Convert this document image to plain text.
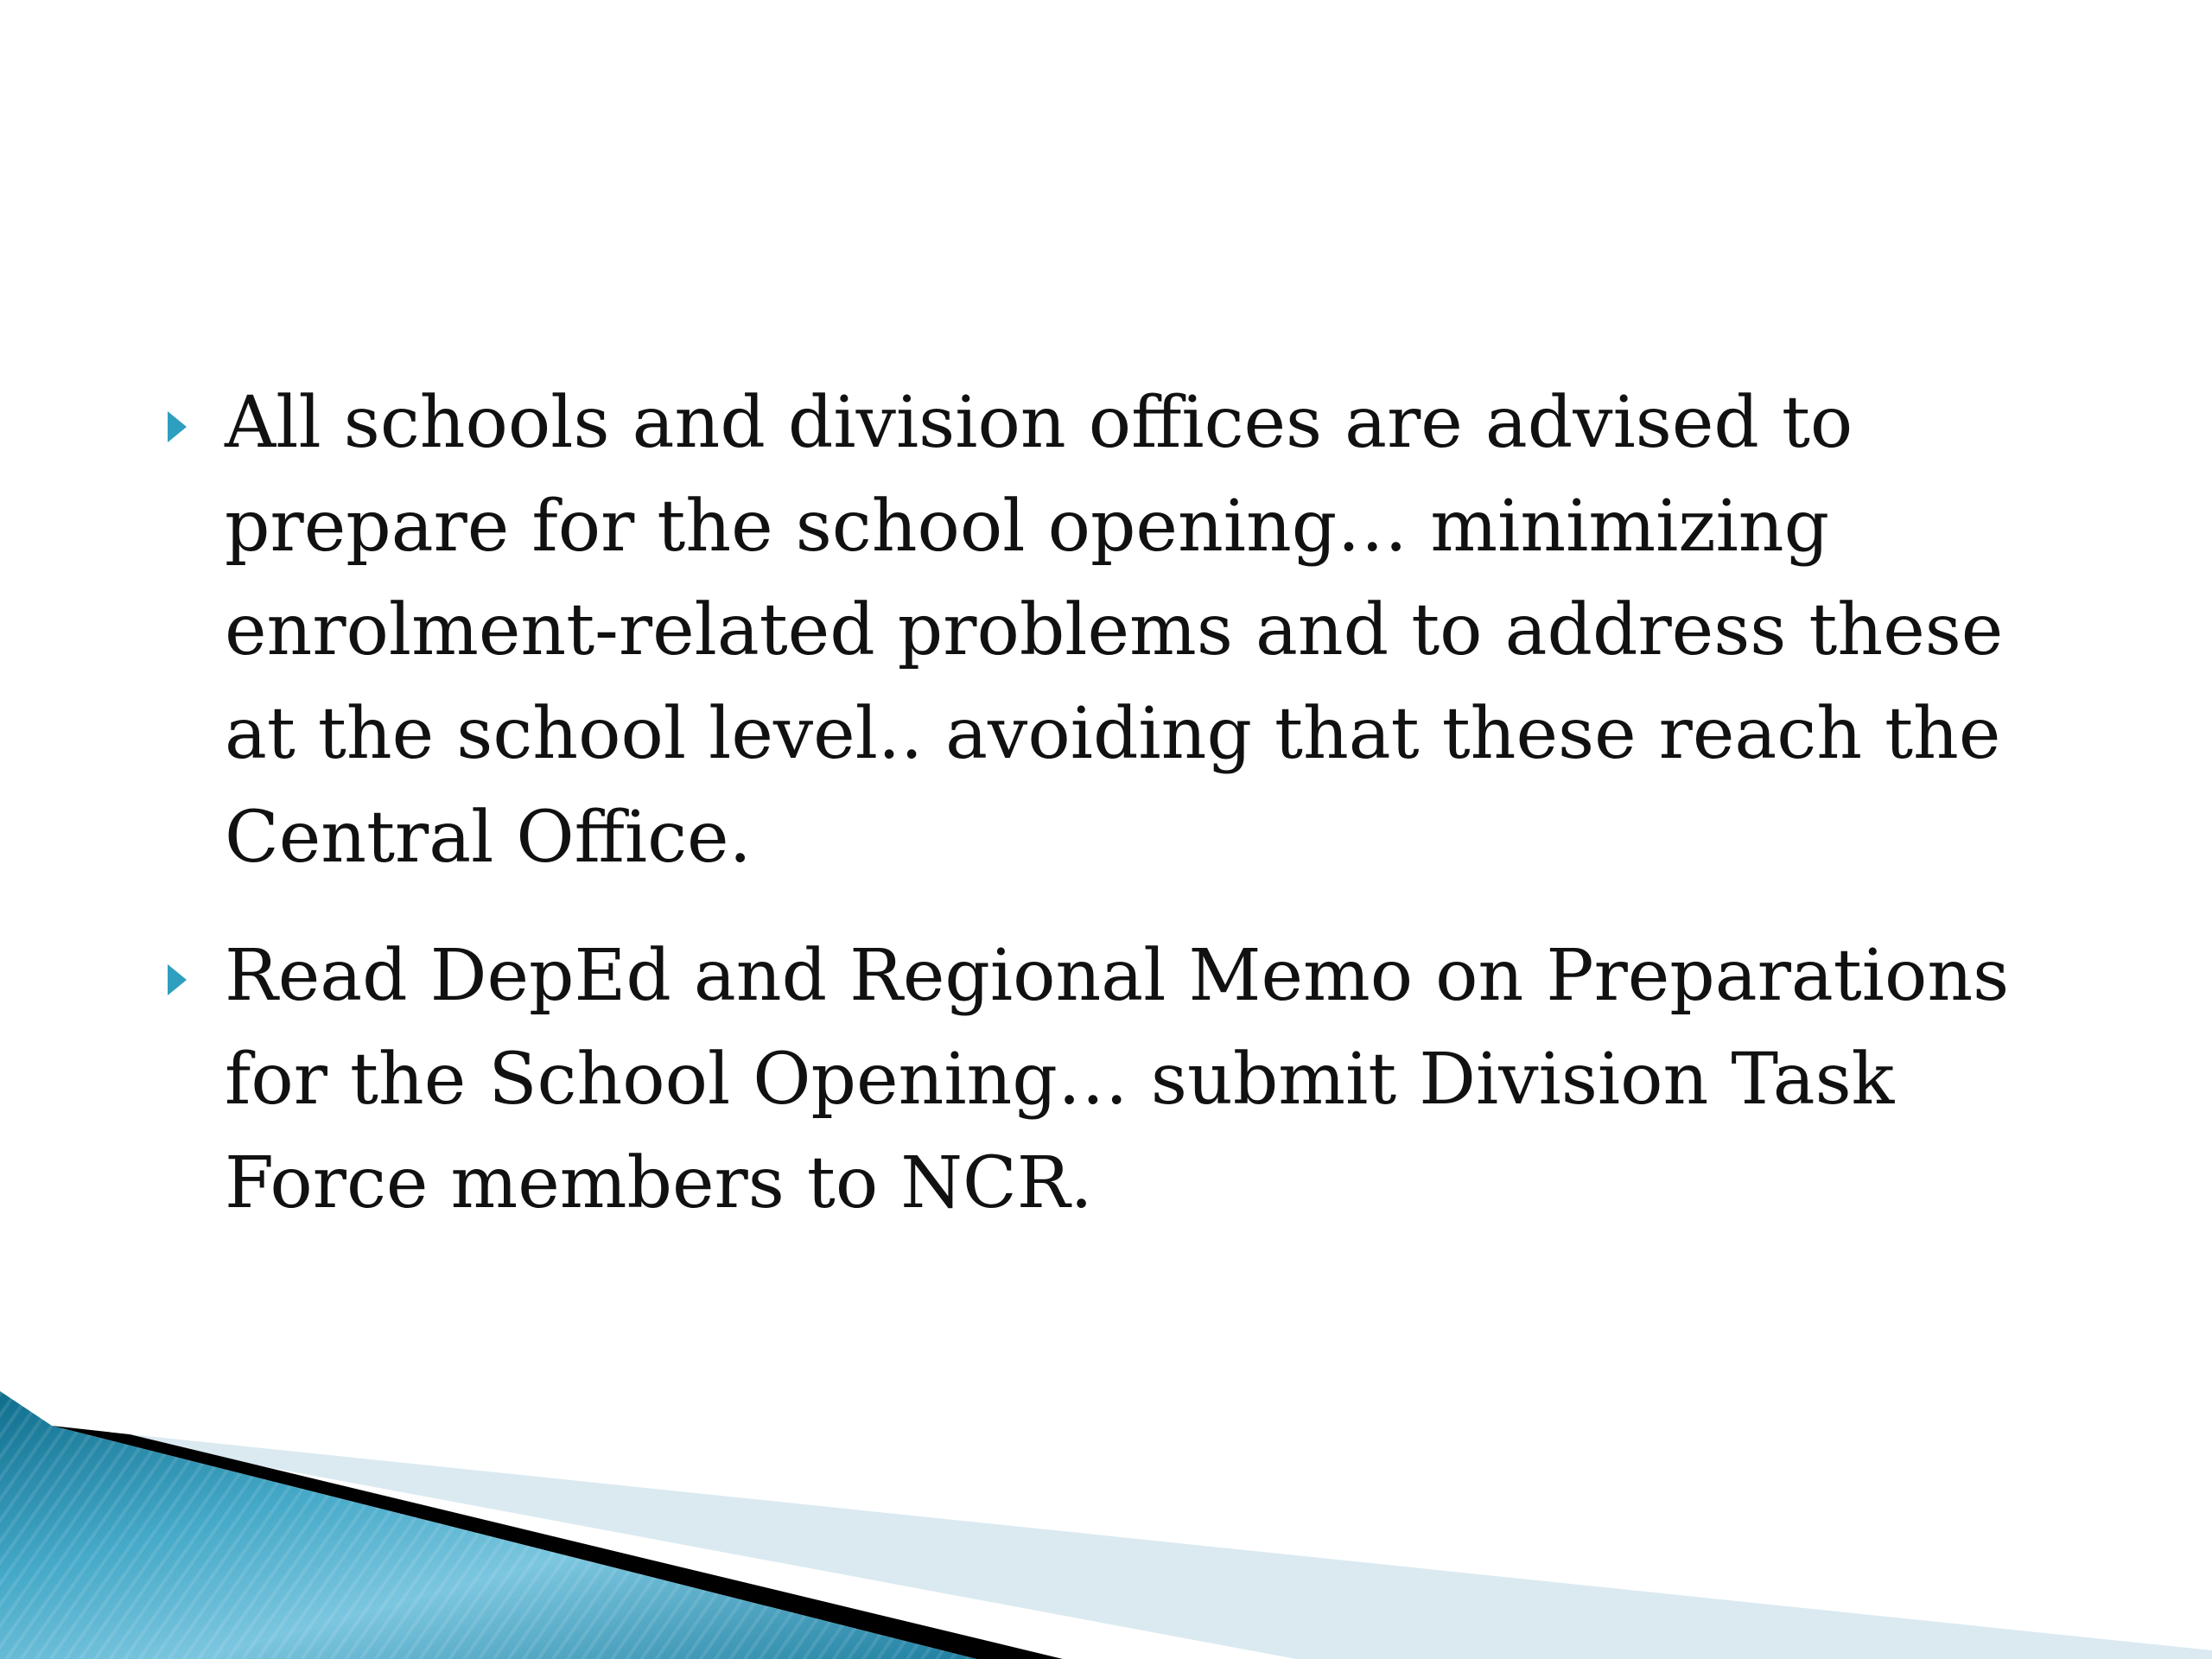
All schools and division offices are advised to prepare for the school opening… minimizing enrolment-related problems and to address these at the school level.. avoiding that these reach the Central Office.
Read DepEd and Regional Memo on Preparations for the School Opening… submit Division Task Force members to NCR.
